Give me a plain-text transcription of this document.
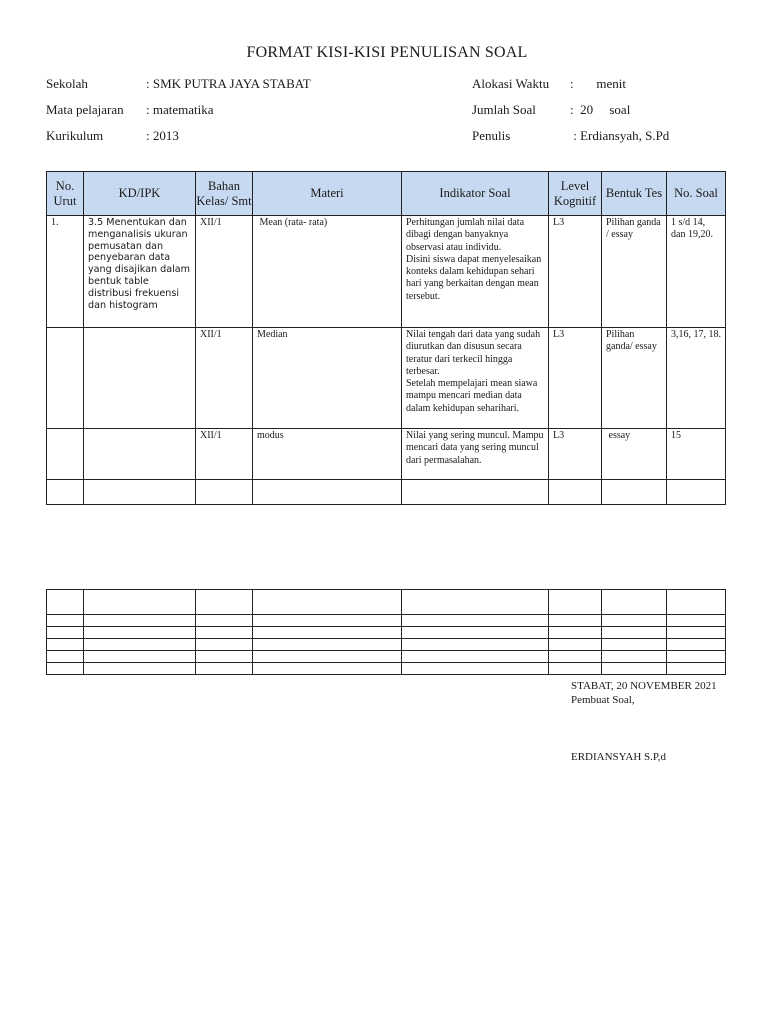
FORMAT KISI-KISI PENULISAN SOAL
Sekolah	: SMK PUTRA JAYA STABAT
Mata pelajaran : matematika
Kurikulum	: 2013
Alokasi Waktu :       menit
Jumlah Soal	:  20     soal
Penulis	: Erdiansyah, S.Pd
No. Urut	KD/IPK	Bahan Kelas/ Smt	Materi	Indikator Soal	Level Kognitif	Bentuk Tes	No. Soal
1.	3.5 Menentukan dan menganalisis ukuran pemusatan dan penyebaran data yang disajikan dalam bentuk table distribusi frekuensi dan histogram	XII/1	Mean (rata- rata)	Perhitungan jumlah nilai data dibagi dengan banyaknya observasi atau individu.
Disini siswa dapat menyelesaikan konteks dalam kehidupan sehari hari yang berkaitan dengan mean tersebut.	L3	Pilihan ganda / essay	1 s/d 14, dan 19,20.
		XII/1	Median	Nilai tengah dari data yang sudah diurutkan dan disusun secara teratur dari terkecil hingga terbesar.
Setelah mempelajari mean siawa mampu mencari median data dalam kehidupan seharihari.	L3	Pilihan ganda/ essay	3,16, 17, 18.
		XII/1	modus	Nilai yang sering muncul. Mampu mencari data yang sering muncul dari permasalahan.	L3	essay	15

STABAT, 20 NOVEMBER 2021
Pembuat Soal,
ERDIANSYAH S.P,d
